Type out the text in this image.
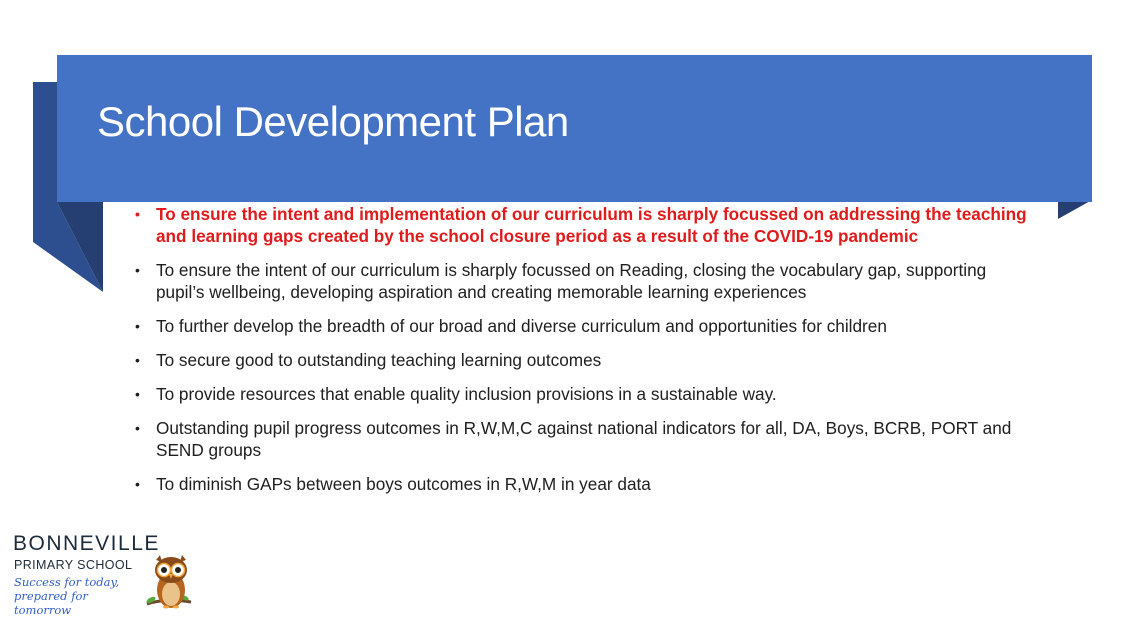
School Development Plan
• To ensure the intent and implementation of our curriculum is sharply focussed on addressing the teaching and learning gaps created by the school closure period as a result of the COVID-19 pandemic
• To ensure the intent of our curriculum is sharply focussed on Reading, closing the vocabulary gap, supporting pupil’s wellbeing, developing aspiration and creating memorable learning experiences
• To further develop the breadth of our broad and diverse curriculum and opportunities for children
• To secure good to outstanding teaching learning outcomes
• To provide resources that enable quality inclusion provisions in a sustainable way.
• Outstanding pupil progress outcomes in R,W,M,C against national indicators for all, DA, Boys, BCRB, PORT and SEND groups
• To diminish GAPs between boys outcomes in R,W,M in year data
BONNEVILLE
PRIMARY SCHOOL
Success for today, prepared for tomorrow
